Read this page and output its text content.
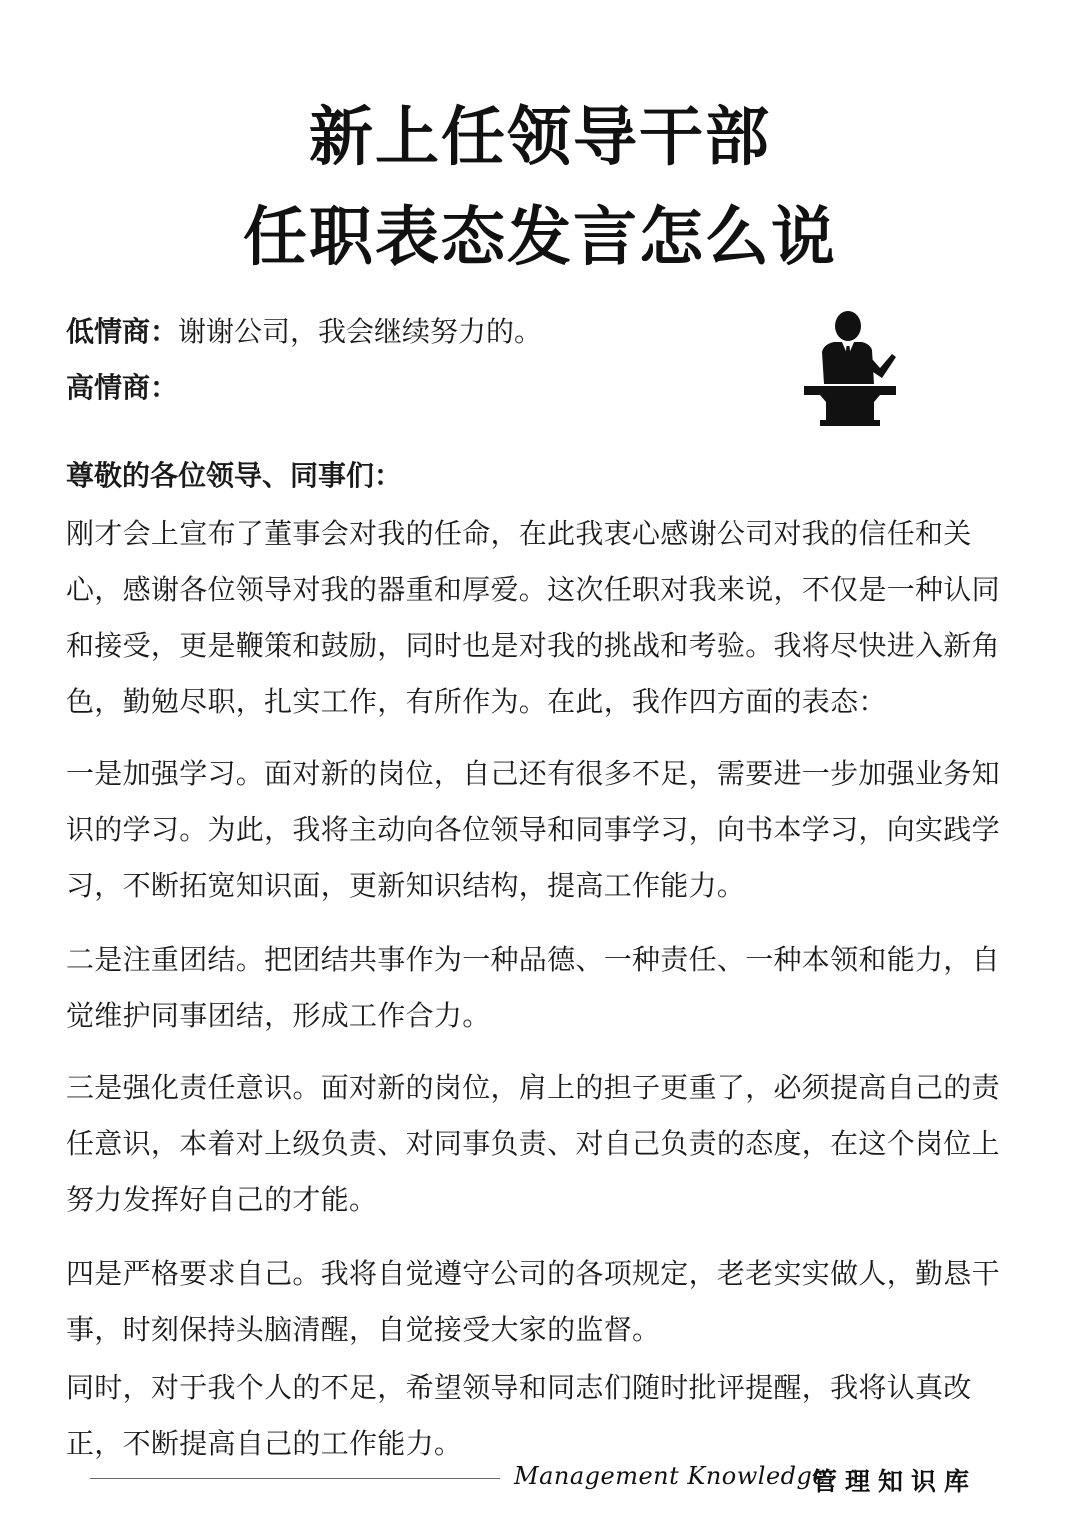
新上任领导干部
任职表态发言怎么说

低情商：谢谢公司，我会继续努力的。

高情商：

尊敬的各位领导、同事们：

刚才会上宣布了董事会对我的任命，在此我衷心感谢公司对我的信任和关心，感谢各位领导对我的器重和厚爱。这次任职对我来说，不仅是一种认同和接受，更是鞭策和鼓励，同时也是对我的挑战和考验。我将尽快进入新角色，勤勉尽职，扎实工作，有所作为。在此，我作四方面的表态：

一是加强学习。面对新的岗位，自己还有很多不足，需要进一步加强业务知识的学习。为此，我将主动向各位领导和同事学习，向书本学习，向实践学习，不断拓宽知识面，更新知识结构，提高工作能力。

二是注重团结。把团结共事作为一种品德、一种责任、一种本领和能力，自觉维护同事团结，形成工作合力。

三是强化责任意识。面对新的岗位，肩上的担子更重了，必须提高自己的责任意识，本着对上级负责、对同事负责、对自己负责的态度，在这个岗位上努力发挥好自己的才能。

四是严格要求自己。我将自觉遵守公司的各项规定，老老实实做人，勤恳干事，时刻保持头脑清醒，自觉接受大家的监督。

同时，对于我个人的不足，希望领导和同志们随时批评提醒，我将认真改正，不断提高自己的工作能力。

Management Knowledge
管理知识库
